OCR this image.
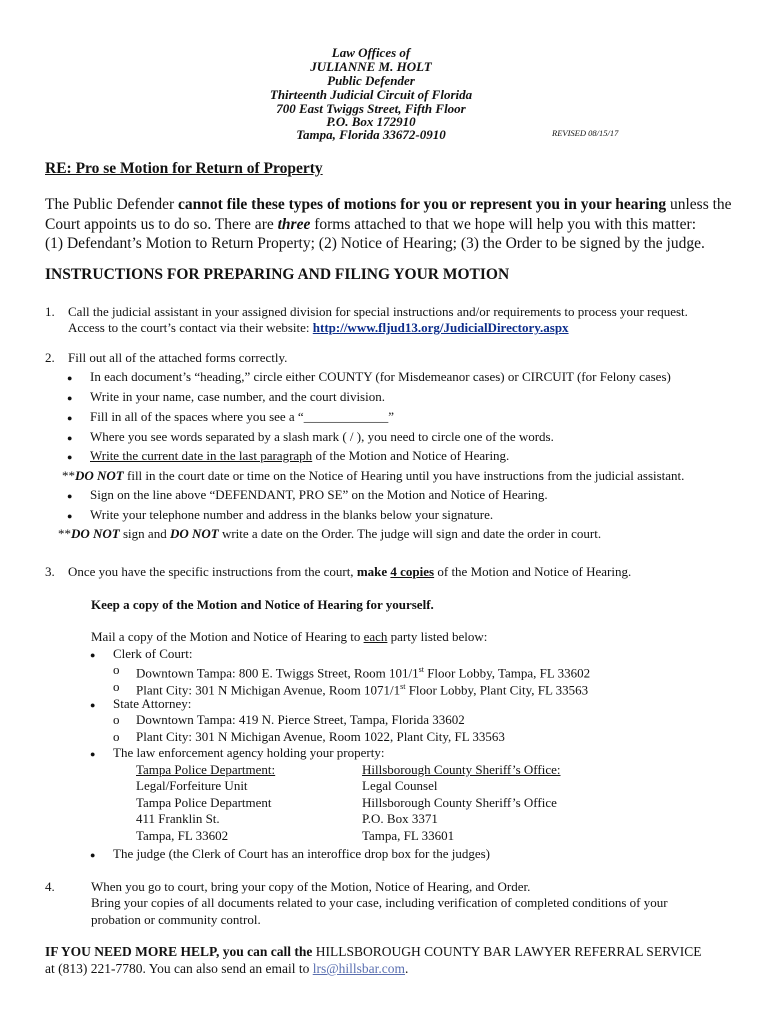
Law Offices of
JULIANNE M. HOLT
Public Defender
Thirteenth Judicial Circuit of Florida
700 East Twiggs Street, Fifth Floor
P.O. Box 172910
Tampa, Florida 33672-0910	REVISED 08/15/17
RE: Pro se Motion for Return of Property
The Public Defender cannot file these types of motions for you or represent you in your hearing unless the Court appoints us to do so. There are three forms attached to that we hope will help you with this matter:
(1) Defendant’s Motion to Return Property; (2) Notice of Hearing; (3) the Order to be signed by the judge.
INSTRUCTIONS FOR PREPARING AND FILING YOUR MOTION
1. Call the judicial assistant in your assigned division for special instructions and/or requirements to process your request.
Access to the court’s contact via their website: http://www.fljud13.org/JudicialDirectory.aspx
2. Fill out all of the attached forms correctly.
● In each document’s “heading,” circle either COUNTY (for Misdemeanor cases) or CIRCUIT (for Felony cases)
● Write in your name, case number, and the court division.
● Fill in all of the spaces where you see a “_____________”
● Where you see words separated by a slash mark ( / ), you need to circle one of the words.
● Write the current date in the last paragraph of the Motion and Notice of Hearing.
**DO NOT fill in the court date or time on the Notice of Hearing until you have instructions from the judicial assistant.
● Sign on the line above “DEFENDANT, PRO SE” on the Motion and Notice of Hearing.
● Write your telephone number and address in the blanks below your signature.
**DO NOT sign and DO NOT write a date on the Order. The judge will sign and date the order in court.
3. Once you have the specific instructions from the court, make 4 copies of the Motion and Notice of Hearing.
Keep a copy of the Motion and Notice of Hearing for yourself.
Mail a copy of the Motion and Notice of Hearing to each party listed below:
● Clerk of Court:
o Downtown Tampa: 800 E. Twiggs Street, Room 101/1st Floor Lobby, Tampa, FL 33602
o Plant City: 301 N Michigan Avenue, Room 1071/1st Floor Lobby, Plant City, FL 33563
● State Attorney:
o Downtown Tampa: 419 N. Pierce Street, Tampa, Florida 33602
o Plant City: 301 N Michigan Avenue, Room 1022, Plant City, FL 33563
● The law enforcement agency holding your property:
Tampa Police Department:
Legal/Forfeiture Unit
Tampa Police Department
411 Franklin St.
Tampa, FL 33602
Hillsborough County Sheriff’s Office:
Legal Counsel
Hillsborough County Sheriff’s Office
P.O. Box 3371
Tampa, FL 33601
● The judge (the Clerk of Court has an interoffice drop box for the judges)
4.	When you go to court, bring your copy of the Motion, Notice of Hearing, and Order.
Bring your copies of all documents related to your case, including verification of completed conditions of your
probation or community control.
IF YOU NEED MORE HELP, you can call the HILLSBOROUGH COUNTY BAR LAWYER REFERRAL SERVICE
at (813) 221-7780. You can also send an email to lrs@hillsbar.com.
